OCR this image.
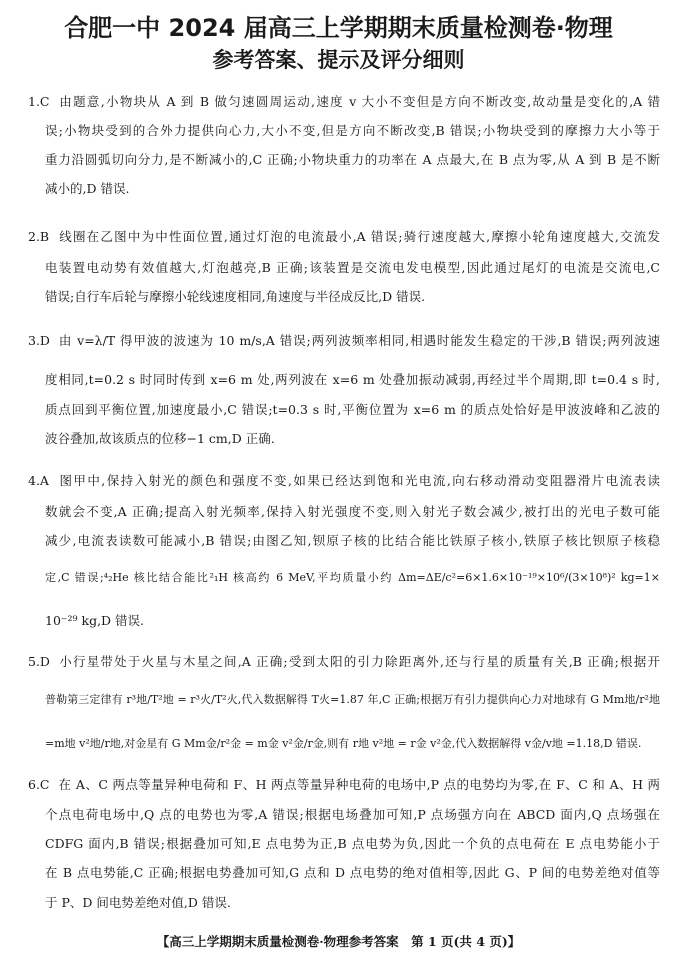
合肥一中 2024 届高三上学期期末质量检测卷·物理
参考答案、提示及评分细则
1.C 由题意,小物块从 A 到 B 做匀速圆周运动,速度 v 大小不变但是方向不断改变,故动量是变化的,A 错
误;小物块受到的合外力提供向心力,大小不变,但是方向不断改变,B 错误;小物块受到的摩擦力大小等于
重力沿圆弧切向分力,是不断减小的,C 正确;小物块重力的功率在 A 点最大,在 B 点为零,从 A 到 B 是不断
减小的,D 错误.
2.B 线圈在乙图中为中性面位置,通过灯泡的电流最小,A 错误;骑行速度越大,摩擦小轮角速度越大,交流发
电装置电动势有效值越大,灯泡越亮,B 正确;该装置是交流电发电模型,因此通过尾灯的电流是交流电,C
错误;自行车后轮与摩擦小轮线速度相同,角速度与半径成反比,D 错误.
3.D 由 v=λ/T 得甲波的波速为 10 m/s,A 错误;两列波频率相同,相遇时能发生稳定的干涉,B 错误;两列波速
度相同,t=0.2 s 时同时传到 x=6 m 处,两列波在 x=6 m 处叠加振动减弱,再经过半个周期,即 t=0.4 s 时,
质点回到平衡位置,加速度最小,C 错误;t=0.3 s 时,平衡位置为 x=6 m 的质点处恰好是甲波波峰和乙波的
波谷叠加,故该质点的位移−1 cm,D 正确.
4.A 图甲中,保持入射光的颜色和强度不变,如果已经达到饱和光电流,向右移动滑动变阻器滑片电流表读
数就会不变,A 正确;提高入射光频率,保持入射光强度不变,则入射光子数会减少,被打出的光电子数可能
减少,电流表读数可能减小,B 错误;由图乙知,钡原子核的比结合能比铁原子核小,铁原子核比钡原子核稳
定,C 错误;⁴₂He 核比结合能比²₁H 核高约 6 MeV,平均质量小约 Δm=ΔE/c²=6×1.6×10⁻¹⁹×10⁶/(3×10⁸)² kg=1×
10⁻²⁹ kg,D 错误.
5.D 小行星带处于火星与木星之间,A 正确;受到太阳的引力除距离外,还与行星的质量有关,B 正确;根据开
普勒第三定律有 r³地/T²地 = r³火/T²火,代入数据解得 T火=1.87 年,C 正确;根据万有引力提供向心力对地球有 G Mm地/r²地
=m地 v²地/r地,对金星有 G Mm金/r²金 = m金 v²金/r金,则有 r地 v²地 = r金 v²金,代入数据解得 v金/v地 =1.18,D 错误.
6.C 在 A、C 两点等量异种电荷和 F、H 两点等量异种电荷的电场中,P 点的电势均为零,在 F、C 和 A、H 两
个点电荷电场中,Q 点的电势也为零,A 错误;根据电场叠加可知,P 点场强方向在 ABCD 面内,Q 点场强在
CDFG 面内,B 错误;根据叠加可知,E 点电势为正,B 点电势为负,因此一个负的点电荷在 E 点电势能小于
在 B 点电势能,C 正确;根据电势叠加可知,G 点和 D 点电势的绝对值相等,因此 G、P 间的电势差绝对值等
于 P、D 间电势差绝对值,D 错误.
【高三上学期期末质量检测卷·物理参考答案　第 1 页(共 4 页)】
